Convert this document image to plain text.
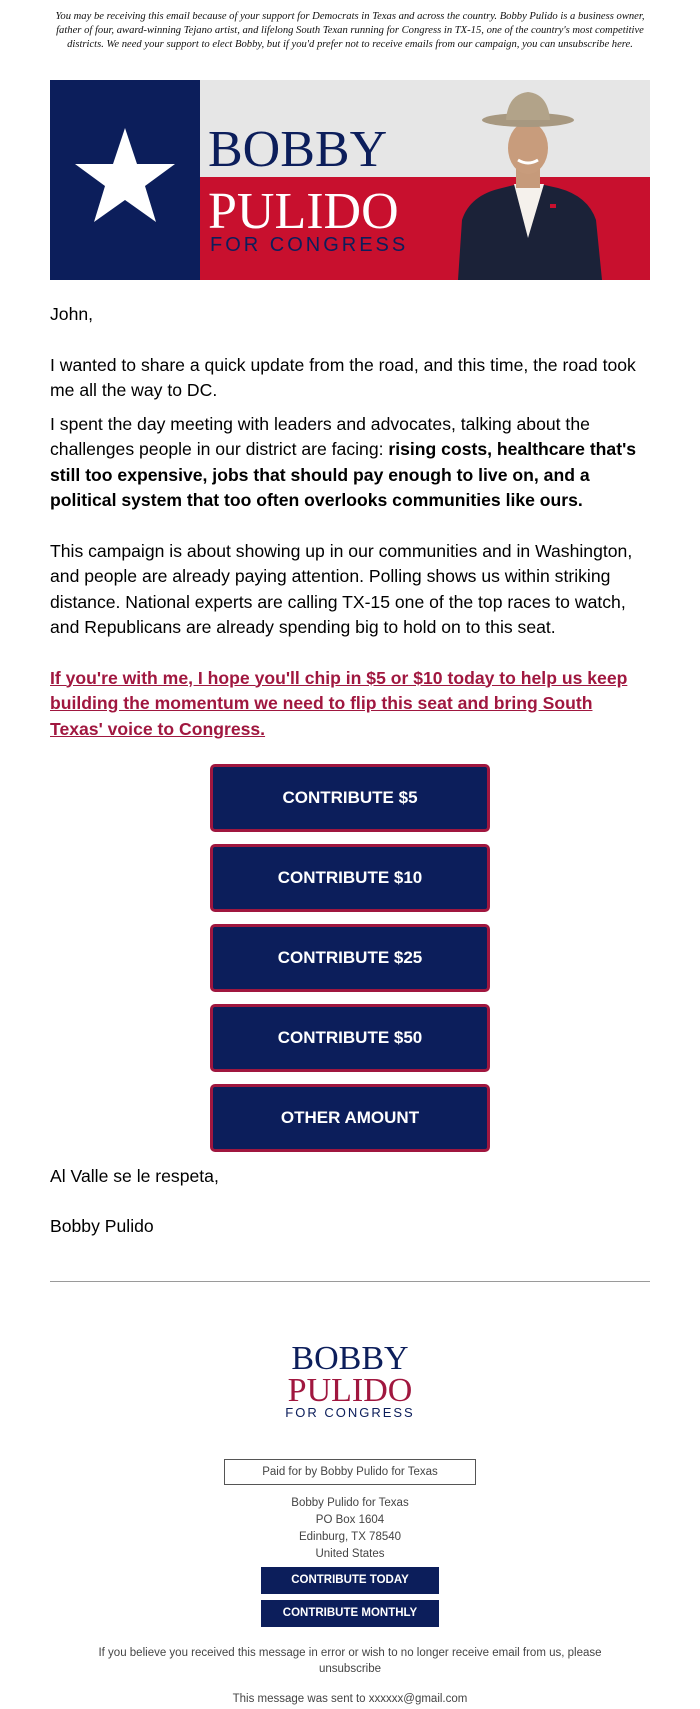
You may be receiving this email because of your support for Democrats in Texas and across the country. Bobby Pulido is a business owner, father of four, award-winning Tejano artist, and lifelong South Texan running for Congress in TX-15, one of the country's most competitive districts. We need your support to elect Bobby, but if you'd prefer not to receive emails from our campaign, you can unsubscribe here.
BOBBY
PULIDO
FOR CONGRESS

John,

I wanted to share a quick update from the road, and this time, the road took me all the way to DC.

I spent the day meeting with leaders and advocates, talking about the challenges people in our district are facing: rising costs, healthcare that's still too expensive, jobs that should pay enough to live on, and a political system that too often overlooks communities like ours.

This campaign is about showing up in our communities and in Washington, and people are already paying attention. Polling shows us within striking distance. National experts are calling TX-15 one of the top races to watch, and Republicans are already spending big to hold on to this seat.

If you're with me, I hope you'll chip in $5 or $10 today to help us keep building the momentum we need to flip this seat and bring South Texas' voice to Congress.
CONTRIBUTE $5
CONTRIBUTE $10
CONTRIBUTE $25
CONTRIBUTE $50
OTHER AMOUNT

Al Valle se le respeta,

Bobby Pulido

BOBBY
PULIDO
FOR CONGRESS
Paid for by Bobby Pulido for Texas
Bobby Pulido for Texas
PO Box 1604
Edinburg, TX 78540
United States
CONTRIBUTE TODAY
CONTRIBUTE MONTHLY
If you believe you received this message in error or wish to no longer receive email from us, please
unsubscribe
This message was sent to xxxxxx@gmail.com
